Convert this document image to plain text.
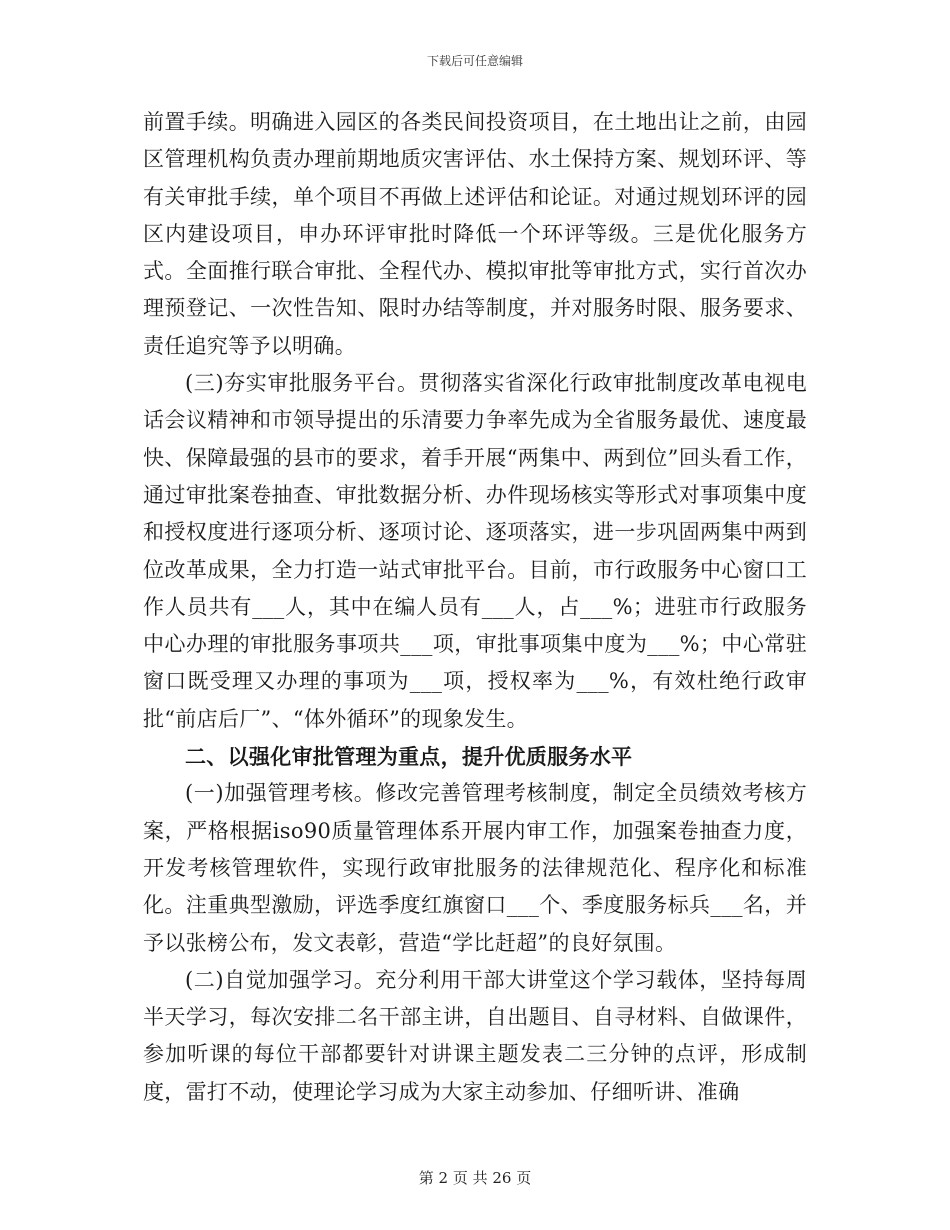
下载后可任意编辑

前置手续。明确进入园区的各类民间投资项目，在土地出让之前，由园区管理机构负责办理前期地质灾害评估、水土保持方案、规划环评、等有关审批手续，单个项目不再做上述评估和论证。对通过规划环评的园区内建设项目，申办环评审批时降低一个环评等级。三是优化服务方式。全面推行联合审批、全程代办、模拟审批等审批方式，实行首次办理预登记、一次性告知、限时办结等制度，并对服务时限、服务要求、责任追究等予以明确。

(三)夯实审批服务平台。贯彻落实省深化行政审批制度改革电视电话会议精神和市领导提出的乐清要力争率先成为全省服务最优、速度最快、保障最强的县市的要求，着手开展“两集中、两到位”回头看工作，通过审批案卷抽查、审批数据分析、办件现场核实等形式对事项集中度和授权度进行逐项分析、逐项讨论、逐项落实，进一步巩固两集中两到位改革成果，全力打造一站式审批平台。目前，市行政服务中心窗口工作人员共有___人，其中在编人员有___人，占___%；进驻市行政服务中心办理的审批服务事项共___项，审批事项集中度为___%；中心常驻窗口既受理又办理的事项为___项，授权率为___%，有效杜绝行政审批“前店后厂”、“体外循环”的现象发生。

二、以强化审批管理为重点，提升优质服务水平

(一)加强管理考核。修改完善管理考核制度，制定全员绩效考核方案，严格根据iso90质量管理体系开展内审工作，加强案卷抽查力度，开发考核管理软件，实现行政审批服务的法律规范化、程序化和标准化。注重典型激励，评选季度红旗窗口___个、季度服务标兵___名，并予以张榜公布，发文表彰，营造“学比赶超”的良好氛围。

(二)自觉加强学习。充分利用干部大讲堂这个学习载体，坚持每周半天学习，每次安排二名干部主讲，自出题目、自寻材料、自做课件，参加听课的每位干部都要针对讲课主题发表二三分钟的点评，形成制度，雷打不动，使理论学习成为大家主动参加、仔细听讲、准确

第 2 页 共 26 页
